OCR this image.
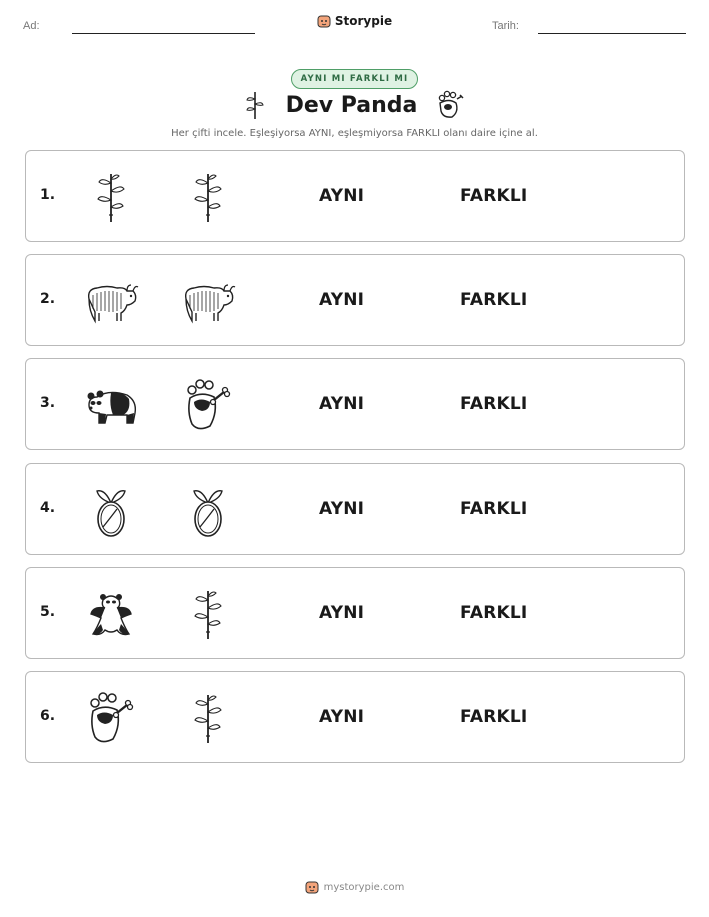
Ad:	Storypie	Tarih:
AYNI MI FARKLI MI
Dev Panda
Her çifti incele. Eşleşiyorsa AYNI, eşleşmiyorsa FARKLI olanı daire içine al.
1.	AYNI	FARKLI
2.	AYNI	FARKLI
3.	AYNI	FARKLI
4.	AYNI	FARKLI
5.	AYNI	FARKLI
6.	AYNI	FARKLI
mystorypie.com
